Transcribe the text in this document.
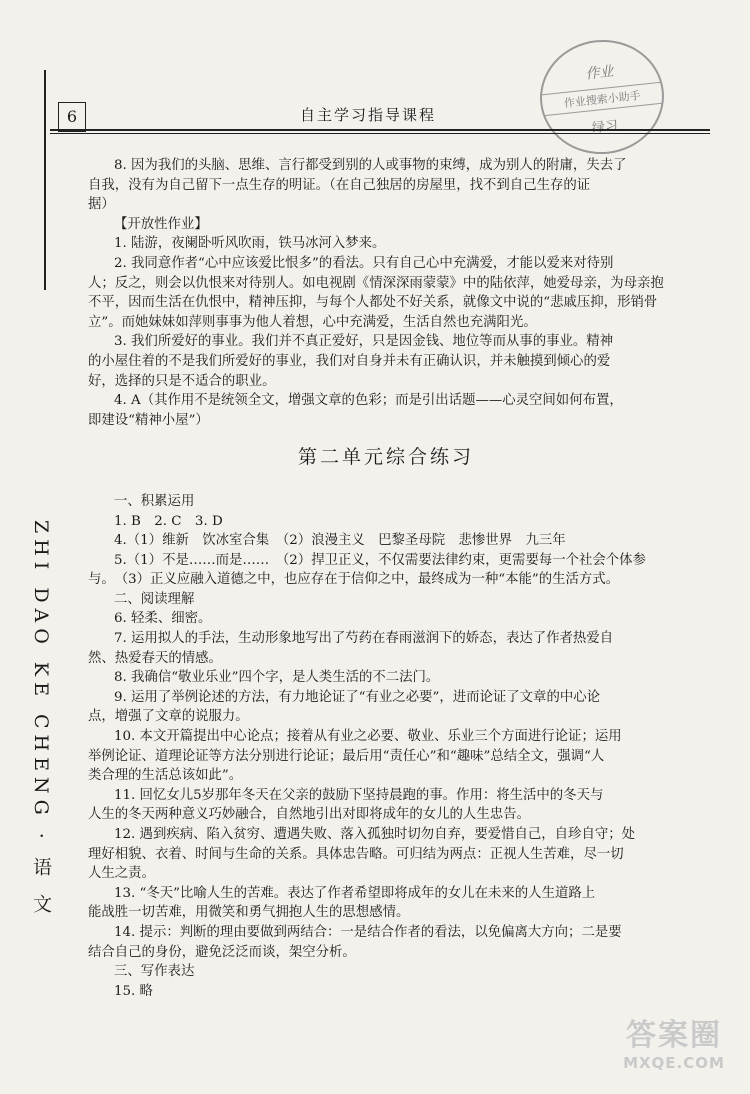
作业
作业搜索小助手
绿习
6	自主学习指导课程
ZHI DAO KE CHENG · 语 文
8. 因为我们的头脑、思维、言行都受到别的人或事物的束缚，成为别人的附庸，失去了
自我，没有为自己留下一点生存的明证。（在自己独居的房屋里，找不到自己生存的证
据）
【开放性作业】
1. 陆游，夜阑卧听风吹雨，铁马冰河入梦来。
2. 我同意作者“心中应该爱比恨多”的看法。只有自己心中充满爱，才能以爱来对待别
人；反之，则会以仇恨来对待别人。如电视剧《情深深雨蒙蒙》中的陆依萍，她爱母亲，为母亲抱
不平，因而生活在仇恨中，精神压抑，与每个人都处不好关系，就像文中说的“悲戚压抑，形销骨
立”。而她妹妹如萍则事事为他人着想，心中充满爱，生活自然也充满阳光。
3. 我们所爱好的事业。我们并不真正爱好，只是因金钱、地位等而从事的事业。精神
的小屋住着的不是我们所爱好的事业，我们对自身并未有正确认识，并未触摸到倾心的爱
好，选择的只是不适合的职业。
4. A（其作用不是统领全文，增强文章的色彩；而是引出话题——心灵空间如何布置，
即建设“精神小屋”）
第二单元综合练习
一、积累运用
1. B　2. C　3. D
4.（1）维新　饮冰室合集　（2）浪漫主义　巴黎圣母院　悲惨世界　九三年
5.（1）不是……而是……　（2）捍卫正义，不仅需要法律约束，更需要每一个社会个体参
与。　（3）正义应融入道德之中，也应存在于信仰之中，最终成为一种“本能”的生活方式。
二、阅读理解
6. 轻柔、细密。
7. 运用拟人的手法，生动形象地写出了芍药在春雨滋润下的娇态，表达了作者热爱自
然、热爱春天的情感。
8. 我确信“敬业乐业”四个字，是人类生活的不二法门。
9. 运用了举例论述的方法，有力地论证了“有业之必要”，进而论证了文章的中心论
点，增强了文章的说服力。
10. 本文开篇提出中心论点；接着从有业之必要、敬业、乐业三个方面进行论证；运用
举例论证、道理论证等方法分别进行论证；最后用“责任心”和“趣味”总结全文，强调“人
类合理的生活总该如此”。
11. 回忆女儿5岁那年冬天在父亲的鼓励下坚持晨跑的事。作用：将生活中的冬天与
人生的冬天两种意义巧妙融合，自然地引出对即将成年的女儿的人生忠告。
12. 遇到疾病、陷入贫穷、遭遇失败、落入孤独时切勿自弃，要爱惜自己，自珍自守；处
理好相貌、衣着、时间与生命的关系。具体忠告略。可归结为两点：正视人生苦难，尽一切
人生之责。
13. “冬天”比喻人生的苦难。表达了作者希望即将成年的女儿在未来的人生道路上
能战胜一切苦难，用微笑和勇气拥抱人生的思想感情。
14. 提示：判断的理由要做到两结合：一是结合作者的看法，以免偏离大方向；二是要
结合自己的身份，避免泛泛而谈，架空分析。
三、写作表达
15. 略
答案圈
MXQE.COM
